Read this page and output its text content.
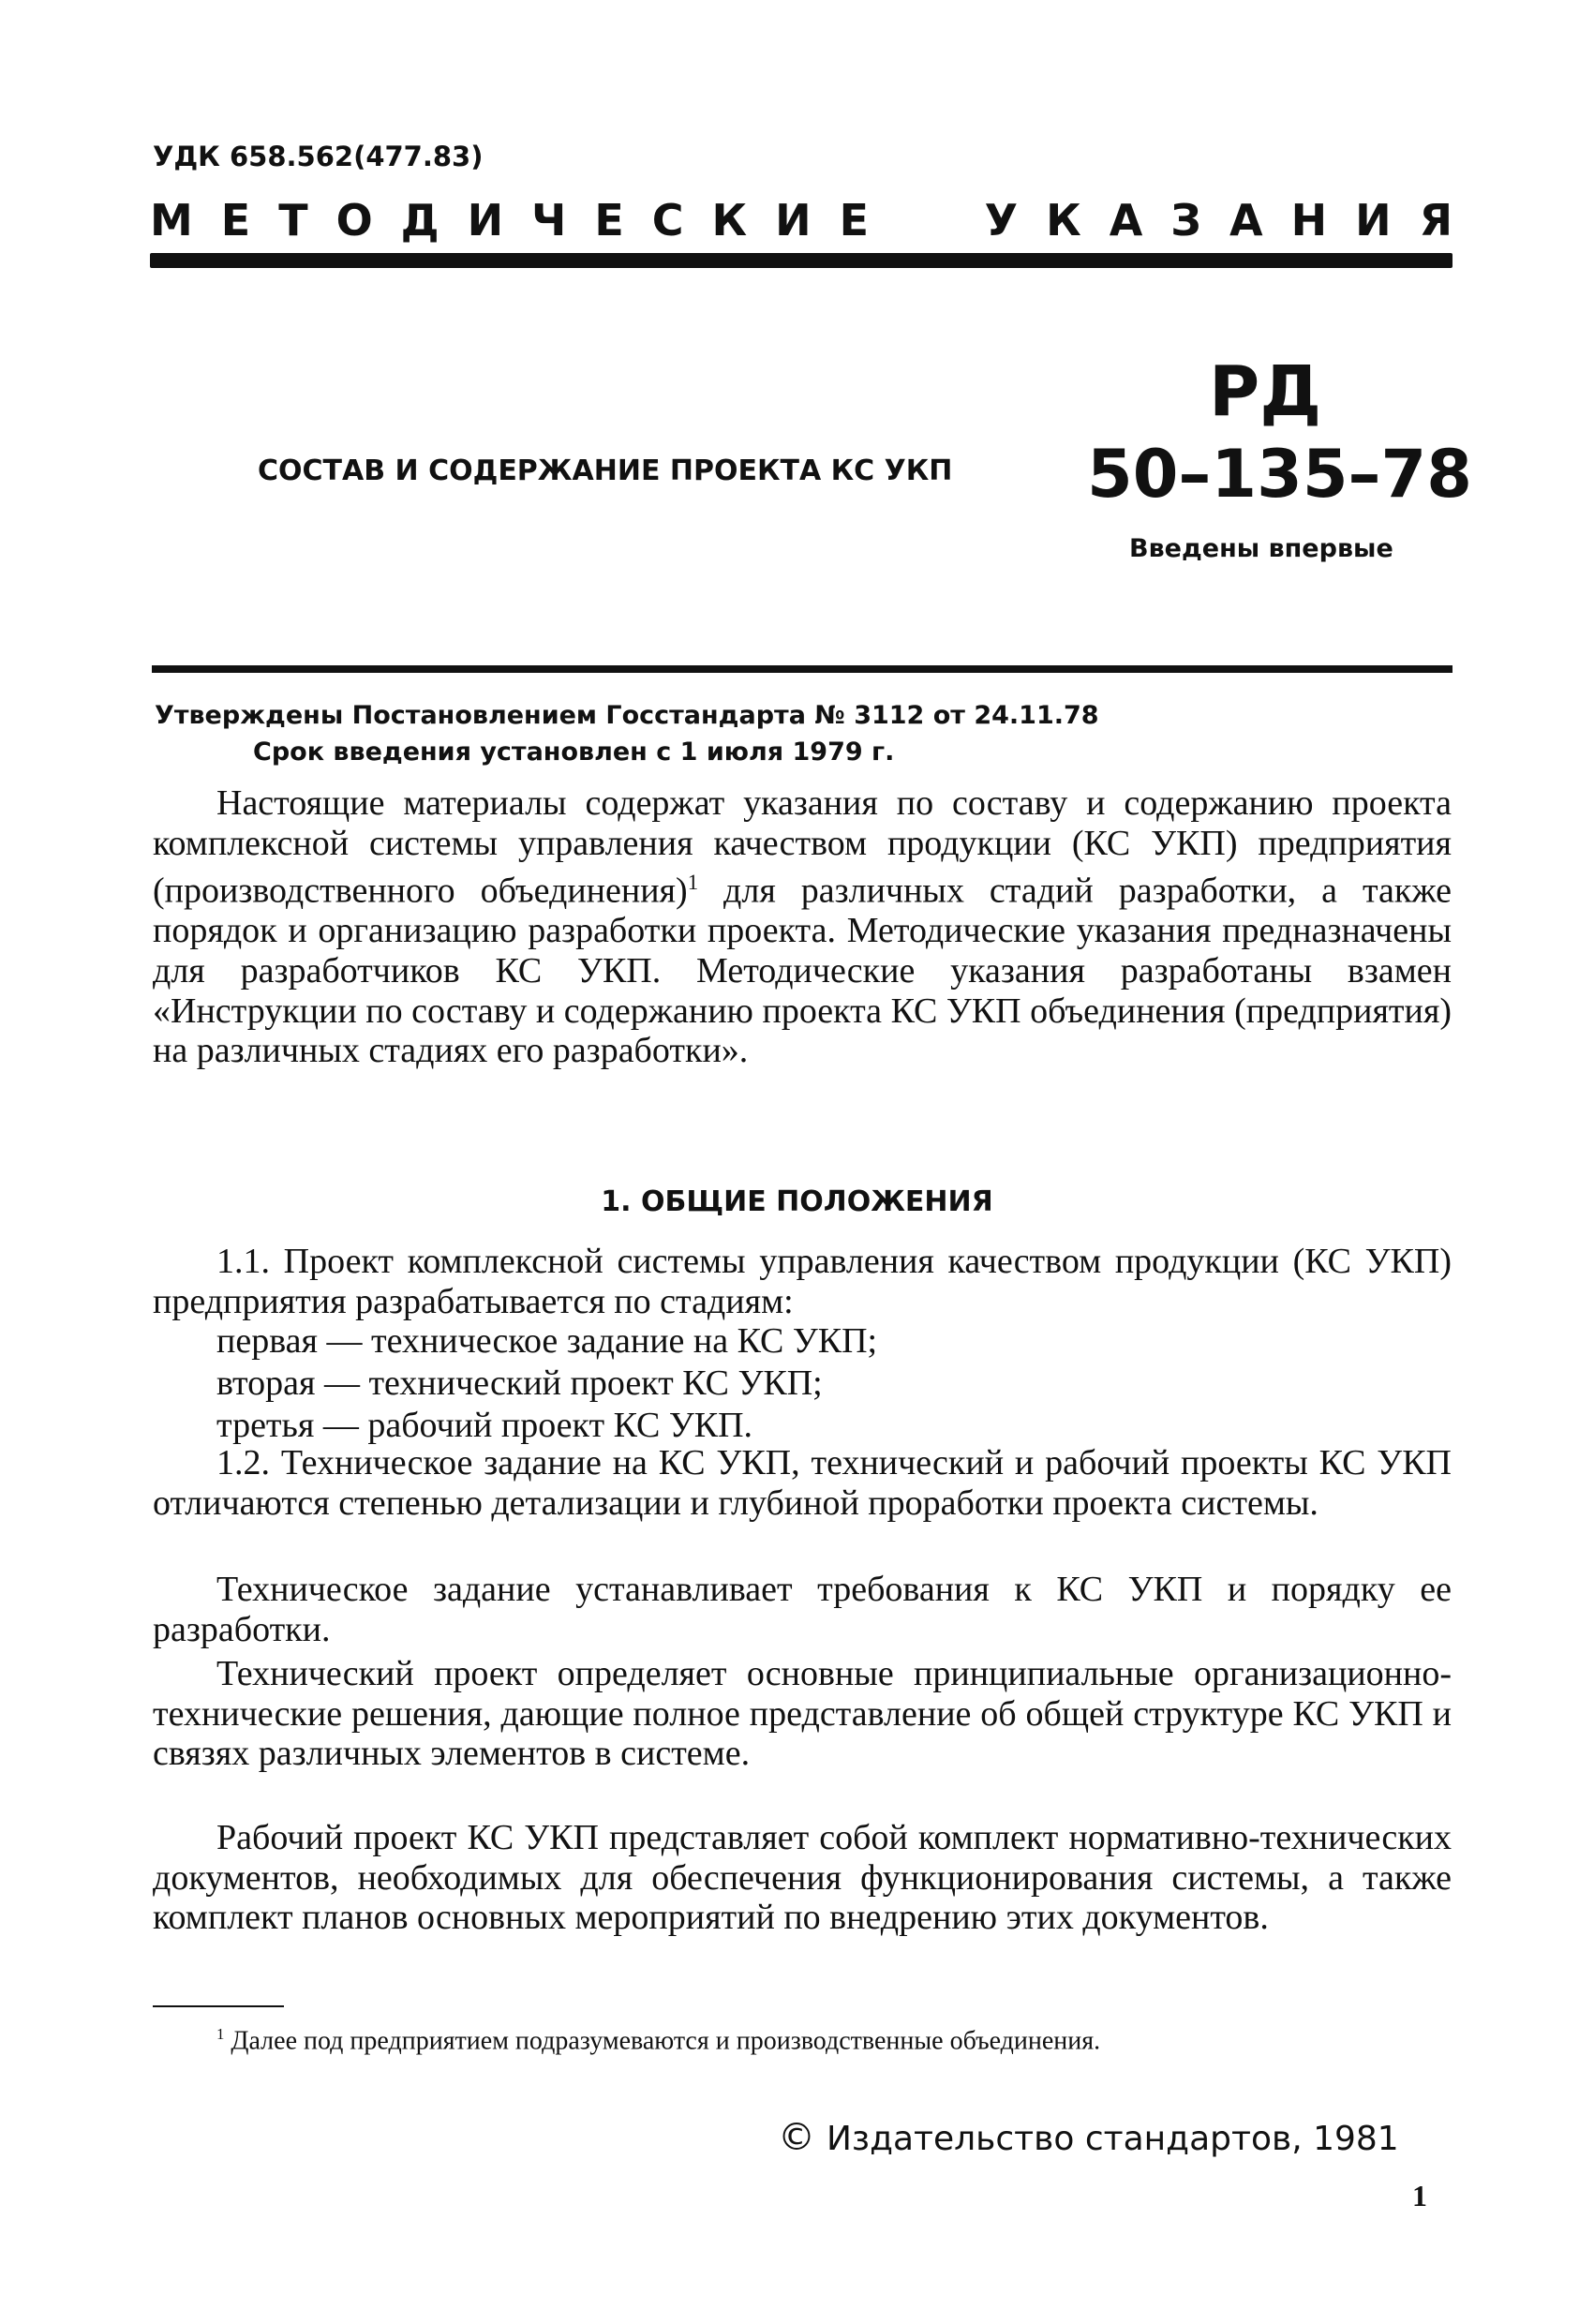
УДК 658.562(477.83)
МЕТОДИЧЕСКИЕ УКАЗАНИЯ
РД
СОСТАВ И СОДЕРЖАНИЕ ПРОЕКТА КС УКП 50–135–78
Введены впервые
Утверждены Постановлением Госстандарта № 3112 от 24.11.78
Срок введения установлен с 1 июля 1979 г.

Настоящие материалы содержат указания по составу и содержанию проекта комплексной системы управления качеством продукции (КС УКП) предприятия (производственного объединения)$^1$ для различных стадий разработки, а также порядок и организацию разработки проекта. Методические указания предназначены для разработчиков КС УКП. Методические указания разработаны взамен «Инструкции по составу и содержанию проекта КС УКП объединения (предприятия) на различных стадиях его разработки».

1. ОБЩИЕ ПОЛОЖЕНИЯ

1.1. Проект комплексной системы управления качеством продукции (КС УКП) предприятия разрабатывается по стадиям:

первая — техническое задание на КС УКП;

вторая — технический проект КС УКП;

третья — рабочий проект КС УКП.

1.2. Техническое задание на КС УКП, технический и рабочий проекты КС УКП отличаются степенью детализации и глубиной проработки проекта системы.

Техническое задание устанавливает требования к КС УКП и порядку ее разработки.

Технический проект определяет основные принципиальные организационно-технические решения, дающие полное представление об общей структуре КС УКП и связях различных элементов в системе.

Рабочий проект КС УКП представляет собой комплект нормативно-технических документов, необходимых для обеспечения функционирования системы, а также комплект планов основных мероприятий по внедрению этих документов.

$^1$ Далее под предприятием подразумеваются и производственные объединения.
© Издательство стандартов, 1981
1
